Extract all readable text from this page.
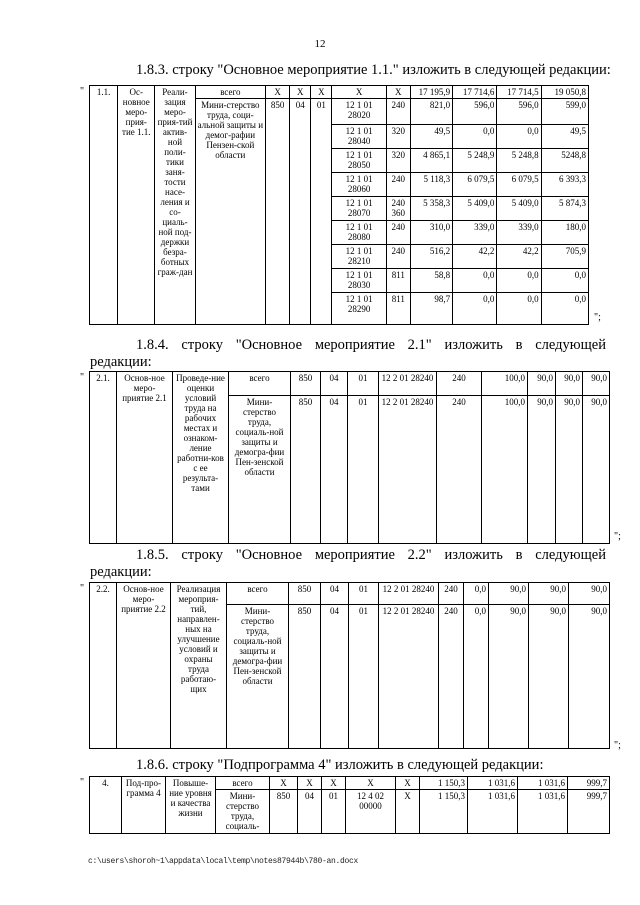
12
1.8.3. строку "Основное мероприятие 1.1." изложить в следующей редакции:
" 1.1.	Ос-новное меро-прия-тие 1.1.	Реали-зация меро-прия-тий актив-ной поли-тики заня-тости насе-ления и со-циаль-ной под-держки безра-ботных граж-дан	всего	Х	Х	Х	Х	Х	17 195,9	17 714,6	17 714,5	19 050,8
			Мини-стерство труда, соци-альной защиты и демог-рафии Пензен-ской области	850	04	01	12 1 01 28020	240	821,0	596,0	596,0	599,0
							12 1 01 28040	320	49,5	0,0	0,0	49,5
							12 1 01 28050	320	4 865,1	5 248,9	5 248,8	5248,8
							12 1 01 28060	240	5 118,3	6 079,5	6 079,5	6 393,3
							12 1 01 28070	240 360	5 358,3	5 409,0	5 409,0	5 874,3
							12 1 01 28080	240	310,0	339,0	339,0	180,0
							12 1 01 28210	240	516,2	42,2	42,2	705,9
							12 1 01 28030	811	58,8	0,0	0,0	0,0
							12 1 01 28290	811	98,7	0,0	0,0	0,0
";
1.8.4. строку "Основное мероприятие 2.1" изложить в следующей
редакции:
" 2.1.	Основ-ное меро-приятие 2.1	Проведе-ние оценки условий труда на рабочих местах и ознаком-ление работни-ков с ее результа-тами	всего	850	04	01	12 2 01 28240	240	100,0	90,0	90,0	90,0
			Мини-стерство труда, социаль-ной защиты и демогра-фии Пен-зенской области	850	04	01	12 2 01 28240	240	100,0	90,0	90,0	90,0
";
1.8.5. строку "Основное мероприятие 2.2" изложить в следующей
редакции:
" 2.2.	Основ-ное меро-приятие 2.2	Реализация мероприя-тий, направлен-ных на улучшение условий и охраны труда работаю-щих	всего	850	04	01	12 2 01 28240	240	0,0	90,0	90,0	90,0
			Мини-стерство труда, социаль-ной защиты и демогра-фии Пен-зенской области	850	04	01	12 2 01 28240	240	0,0	90,0	90,0	90,0
";
1.8.6. строку "Подпрограмма 4" изложить в следующей редакции:
" 4.	Под-про-грамма 4	Повыше-ние уровня и качества жизни	всего	Х	Х	Х	Х	Х	1 150,3	1 031,6	1 031,6	999,7
			Мини-стерство труда, социаль-	850	04	01	12 4 02 00000	Х	1 150,3	1 031,6	1 031,6	999,7
c:\users\shoroh~1\appdata\local\temp\notes87944b\780-an.docx
